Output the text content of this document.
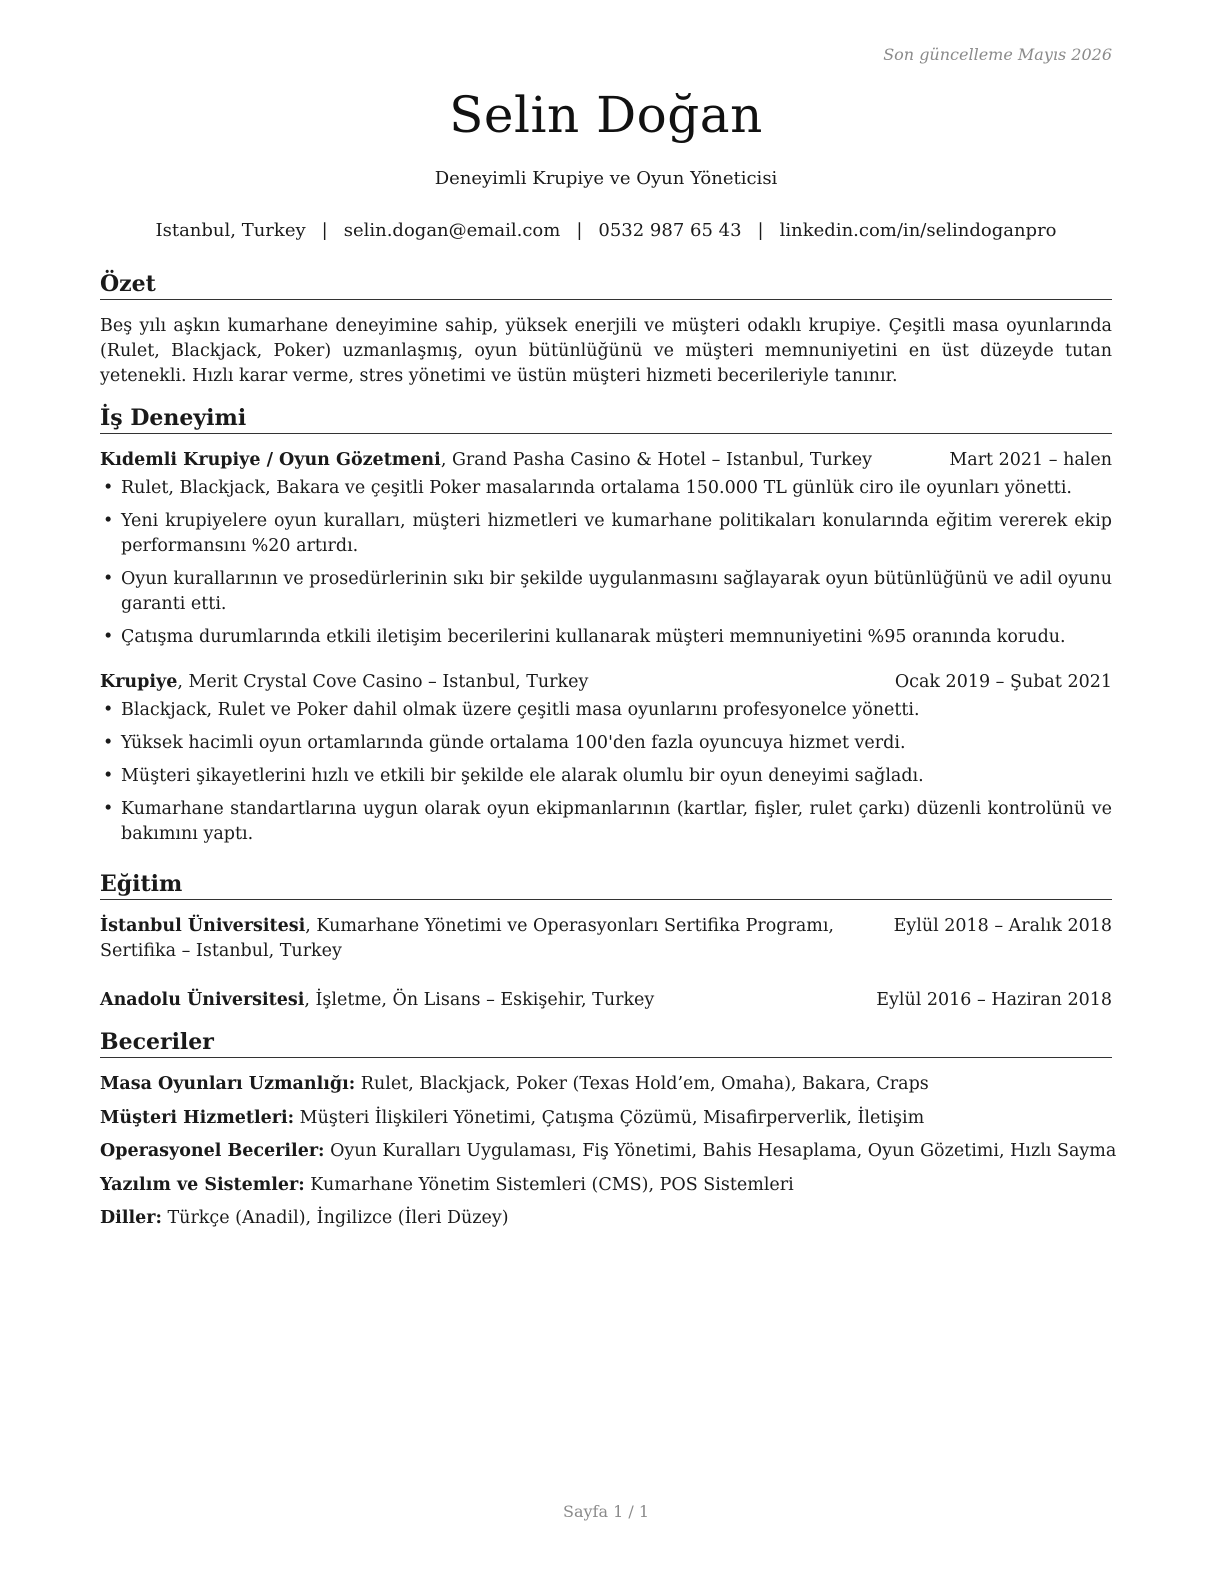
Son güncelleme Mayıs 2026
Selin Doğan
Deneyimli Krupiye ve Oyun Yöneticisi
Istanbul, Turkey | selin.dogan@email.com | 0532 987 65 43 | linkedin.com/in/selindoganpro
Özet

Beş yılı aşkın kumarhane deneyimine sahip, yüksek enerjili ve müşteri odaklı krupiye. Çeşitli masa oyunlarında (Rulet, Blackjack, Poker) uzmanlaşmış, oyun bütünlüğünü ve müşteri memnuniyetini en üst düzeyde tutan yetenekli. Hızlı karar verme, stres yönetimi ve üstün müşteri hizmeti becerileriyle tanınır.

İş Deneyimi
Kıdemli Krupiye / Oyun Gözetmeni, Grand Pasha Casino & Hotel – Istanbul, Turkey	Mart 2021 – halen
• Rulet, Blackjack, Bakara ve çeşitli Poker masalarında ortalama 150.000 TL günlük ciro ile oyunları yönetti.
• Yeni krupiyelere oyun kuralları, müşteri hizmetleri ve kumarhane politikaları konularında eğitim vererek ekip performansını %20 artırdı.
• Oyun kurallarının ve prosedürlerinin sıkı bir şekilde uygulanmasını sağlayarak oyun bütünlüğünü ve adil oyunu garanti etti.
• Çatışma durumlarında etkili iletişim becerilerini kullanarak müşteri memnuniyetini %95 oranında korudu.
Krupiye, Merit Crystal Cove Casino – Istanbul, Turkey	Ocak 2019 – Şubat 2021
• Blackjack, Rulet ve Poker dahil olmak üzere çeşitli masa oyunlarını profesyonelce yönetti.
• Yüksek hacimli oyun ortamlarında günde ortalama 100'den fazla oyuncuya hizmet verdi.
• Müşteri şikayetlerini hızlı ve etkili bir şekilde ele alarak olumlu bir oyun deneyimi sağladı.
• Kumarhane standartlarına uygun olarak oyun ekipmanlarının (kartlar, fişler, rulet çarkı) düzenli kontrolünü ve bakımını yaptı.
Eğitim
İstanbul Üniversitesi, Kumarhane Yönetimi ve Operasyonları Sertifika Programı, Sertifika – Istanbul, Turkey
Eylül 2018 – Aralık 2018
Anadolu Üniversitesi, İşletme, Ön Lisans – Eskişehir, Turkey	Eylül 2016 – Haziran 2018
Beceriler
Masa Oyunları Uzmanlığı: Rulet, Blackjack, Poker (Texas Hold’em, Omaha), Bakara, Craps
Müşteri Hizmetleri: Müşteri İlişkileri Yönetimi, Çatışma Çözümü, Misafirperverlik, İletişim
Operasyonel Beceriler: Oyun Kuralları Uygulaması, Fiş Yönetimi, Bahis Hesaplama, Oyun Gözetimi, Hızlı Sayma
Yazılım ve Sistemler: Kumarhane Yönetim Sistemleri (CMS), POS Sistemleri
Diller: Türkçe (Anadil), İngilizce (İleri Düzey)
Sayfa 1 / 1
